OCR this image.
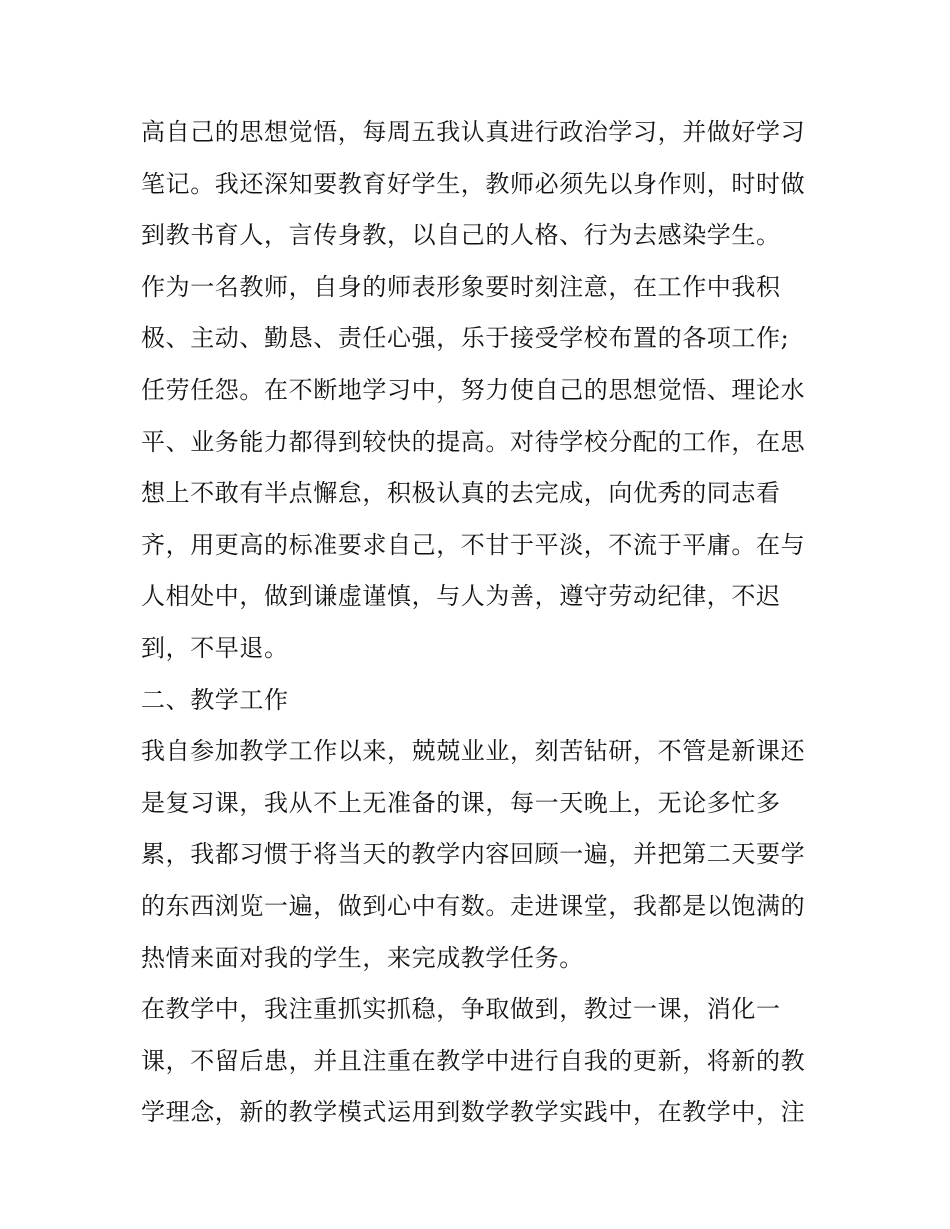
高自己的思想觉悟，每周五我认真进行政治学习，并做好学习

笔记。我还深知要教育好学生，教师必须先以身作则，时时做

到教书育人，言传身教，以自己的人格、行为去感染学生。

作为一名教师，自身的师表形象要时刻注意，在工作中我积

极、主动、勤恳、责任心强，乐于接受学校布置的各项工作;

任劳任怨。在不断地学习中，努力使自己的思想觉悟、理论水

平、业务能力都得到较快的提高。对待学校分配的工作，在思

想上不敢有半点懈怠，积极认真的去完成，向优秀的同志看

齐，用更高的标准要求自己，不甘于平淡，不流于平庸。在与

人相处中，做到谦虚谨慎，与人为善，遵守劳动纪律，不迟

到，不早退。

二、教学工作

我自参加教学工作以来，兢兢业业，刻苦钻研，不管是新课还

是复习课，我从不上无准备的课，每一天晚上，无论多忙多

累，我都习惯于将当天的教学内容回顾一遍，并把第二天要学

的东西浏览一遍，做到心中有数。走进课堂，我都是以饱满的

热情来面对我的学生，来完成教学任务。

在教学中，我注重抓实抓稳，争取做到，教过一课，消化一

课，不留后患，并且注重在教学中进行自我的更新，将新的教

学理念，新的教学模式运用到数学教学实践中，在教学中，注
